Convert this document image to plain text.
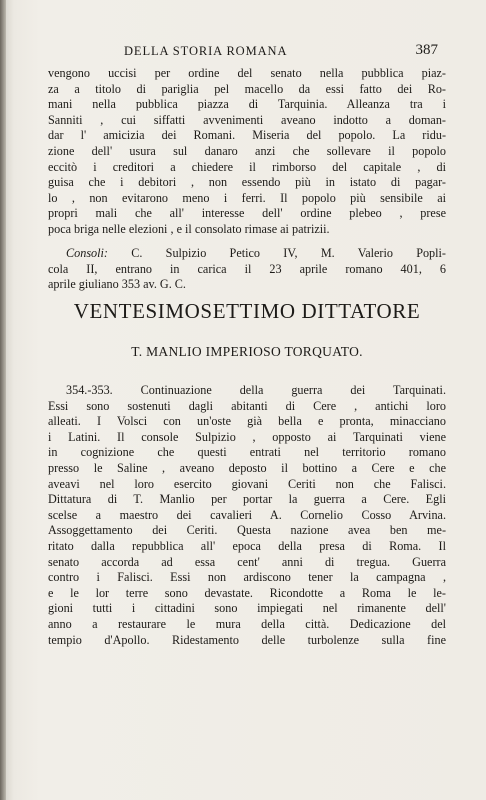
DELLA STORIA ROMANA	387
vengono uccisi per ordine del senato nella pubblica piaz-
za a titolo di pariglia pel macello da essi fatto dei Ro-
mani nella pubblica piazza di Tarquinia. Alleanza tra i
Sanniti , cui siffatti avvenimenti aveano indotto a doman-
dar l' amicizia dei Romani. Miseria del popolo. La ridu-
zione dell' usura sul danaro anzi che sollevare il popolo
eccitò i creditori a chiedere il rimborso del capitale , di
guisa che i debitori , non essendo più in istato di pagar-
lo , non evitarono meno i ferri. Il popolo più sensibile ai
propri mali che all' interesse dell' ordine plebeo , prese
poca briga nelle elezioni , e il consolato rimase ai patrizii.
Consoli: C. Sulpizio Petico IV, M. Valerio Popli-
cola II, entrano in carica il 23 aprile romano 401, 6
aprile giuliano 353 av. G. C.
VENTESIMOSETTIMO DITTATORE
T. MANLIO IMPERIOSO TORQUATO.
354.-353. Continuazione della guerra dei Tarquinati.
Essi sono sostenuti dagli abitanti di Cere , antichi loro
alleati. I Volsci con un'oste già bella e pronta, minacciano
i Latini. Il console Sulpizio , opposto ai Tarquinati viene
in cognizione che questi entrati nel territorio romano
presso le Saline , aveano deposto il bottino a Cere e che
aveavi nel loro esercito giovani Ceriti non che Falisci.
Dittatura di T. Manlio per portar la guerra a Cere. Egli
scelse a maestro dei cavalieri A. Cornelio Cosso Arvina.
Assoggettamento dei Ceriti. Questa nazione avea ben me-
ritato dalla repubblica all' epoca della presa di Roma. Il
senato accorda ad essa cent' anni di tregua. Guerra
contro i Falisci. Essi non ardiscono tener la campagna ,
e le lor terre sono devastate. Ricondotte a Roma le le-
gioni tutti i cittadini sono impiegati nel rimanente dell'
anno a restaurare le mura della città. Dedicazione del
tempio d'Apollo. Ridestamento delle turbolenze sulla fine
